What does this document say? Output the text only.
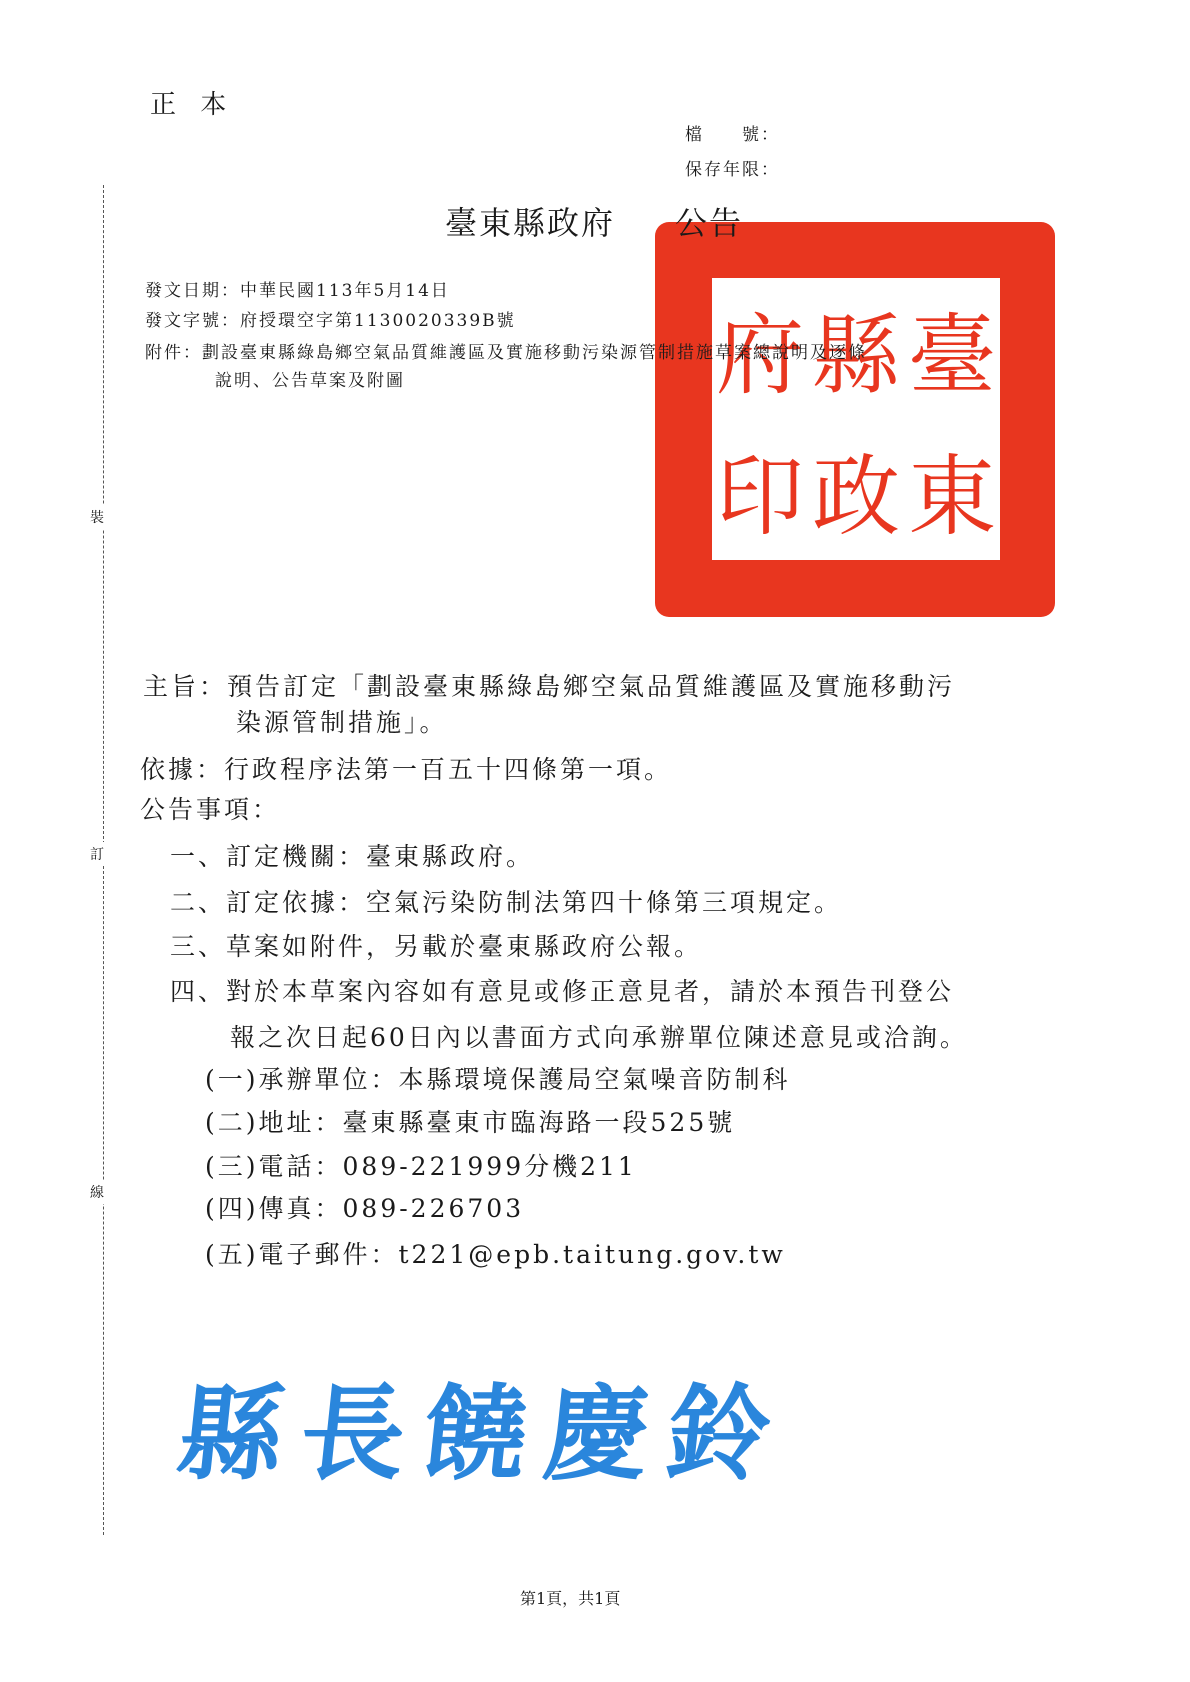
裝
訂
線
正 本
檔　　號：
保存年限：
臺
東
縣
政
府
印
臺東縣政府 公告
發文日期：中華民國113年5月14日
發文字號：府授環空字第1130020339B號
附件：劃設臺東縣綠島鄉空氣品質維護區及實施移動污染源管制措施草案總說明及逐條
說明、公告草案及附圖
主旨：預告訂定「劃設臺東縣綠島鄉空氣品質維護區及實施移動污
染源管制措施」。
依據：行政程序法第一百五十四條第一項。
公告事項：
一、訂定機關：臺東縣政府。
二、訂定依據：空氣污染防制法第四十條第三項規定。
三、草案如附件，另載於臺東縣政府公報。
四、對於本草案內容如有意見或修正意見者，請於本預告刊登公
報之次日起60日內以書面方式向承辦單位陳述意見或洽詢。
(一)承辦單位：本縣環境保護局空氣噪音防制科
(二)地址：臺東縣臺東市臨海路一段525號
(三)電話：089-221999分機211
(四)傳真：089-226703
(五)電子郵件：t221@epb.taitung.gov.tw
縣長饒慶鈴
第1頁，共1頁
